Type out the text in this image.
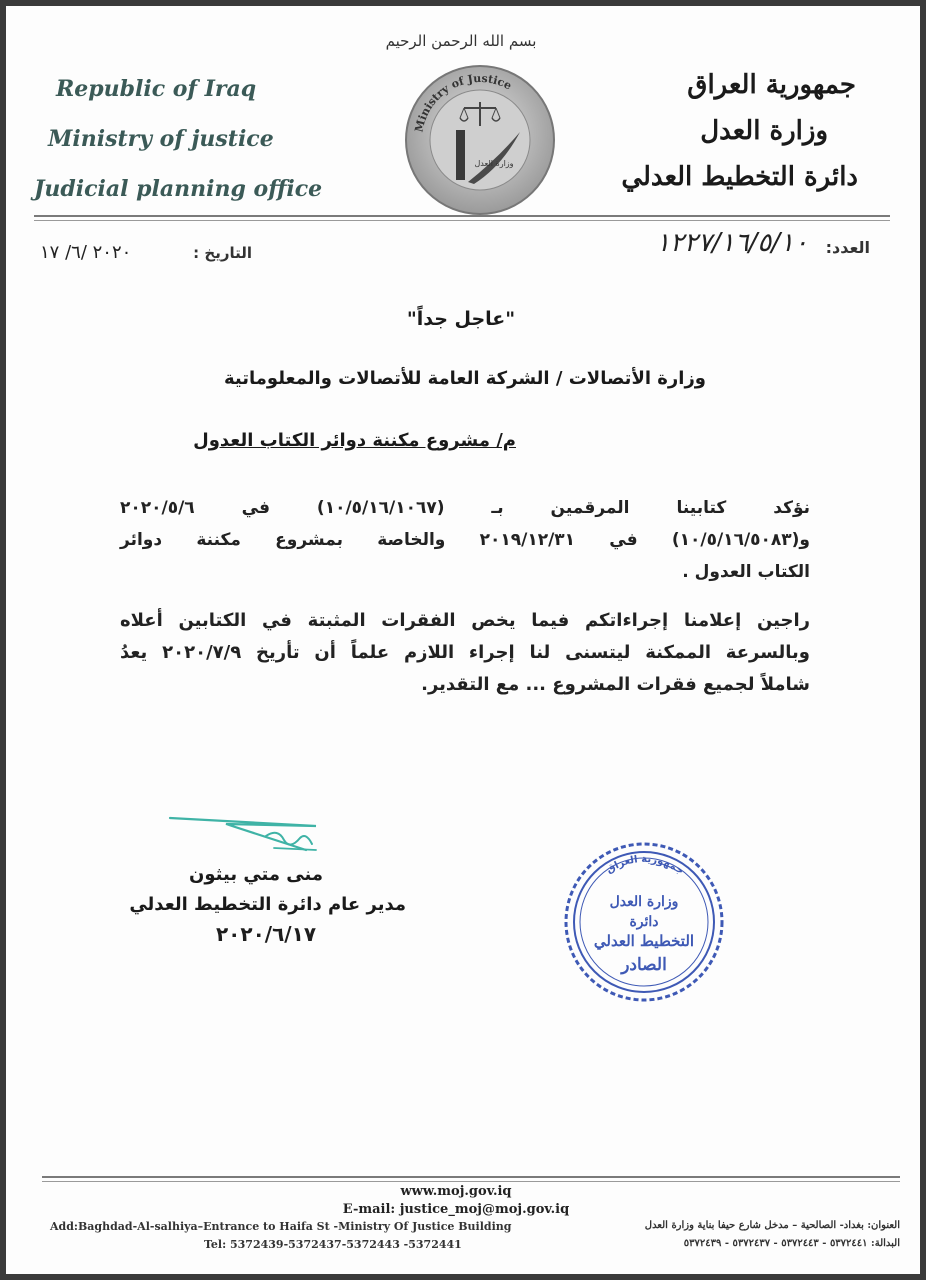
بسم الله الرحمن الرحيم
Republic of Iraq
Ministry of justice
Judicial planning office
جمهورية العراق
وزارة العدل
دائرة التخطيط العدلي
Ministry of Justice
وزارة العدل
العدد:
١٢٢٧/١٦/٥/١٠
التاريخ :
٢٠٢٠ /٦/ ١٧
"عاجل جداً"
وزارة الأتصالات / الشركة العامة للأتصالات والمعلوماتية
م/ مشروع مكننة دوائر الكتاب العدول
نؤكد كتابينا المرقمين بـ (١٠/٥/١٦/١٠٦٧) في ٢٠٢٠/٥/٦
و(١٠/٥/١٦/٥٠٨٣) في ٢٠١٩/١٢/٣١ والخاصة بمشروع مكننة دوائر
الكتاب العدول .
راجين إعلامنا إجراءاتكم فيما يخص الفقرات المثبتة في الكتابين أعلاه
وبالسرعة الممكنة ليتسنى لنا إجراء اللازم علماً أن تأريخ ٢٠٢٠/٧/٩ يعدُ
شاملاً لجميع فقرات المشروع ... مع التقدير.
منى متي بيثون
مدير عام دائرة التخطيط العدلي
٢٠٢٠/٦/١٧
جمهورية العراق
وزارة العدل
دائرة
التخطيط العدلي
الصادر
www.moj.gov.iq
E-mail: justice_moj@moj.gov.iq
Add:Baghdad-Al-salhiya–Entrance to Haifa St -Ministry Of Justice Building
Tel: 5372439-5372437-5372443 -5372441
العنوان: بغداد- الصالحية – مدخل شارع حيفا بناية وزارة العدل
البدالة: ٥٣٧٢٤٤١ - ٥٣٧٢٤٤٣ - ٥٣٧٢٤٣٧ - ٥٣٧٢٤٣٩
